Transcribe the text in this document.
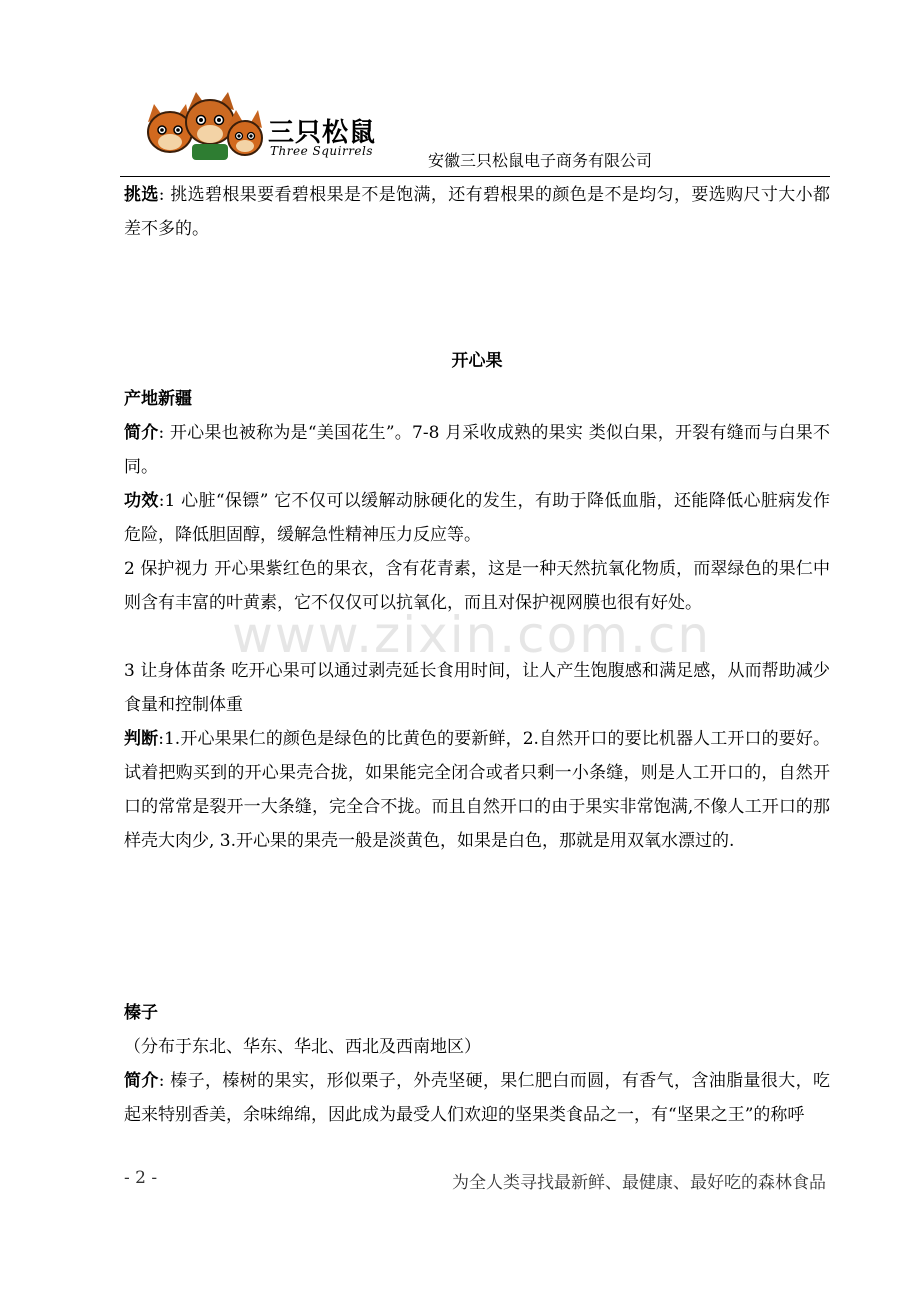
三只松鼠
Three Squirrels	安徽三只松鼠电子商务有限公司
挑选: 挑选碧根果要看碧根果是不是饱满，还有碧根果的颜色是不是均匀，要选购尺寸大小都差不多的。
开心果
产地新疆
简介: 开心果也被称为是“美国花生”。7-8 月采收成熟的果实 类似白果，开裂有缝而与白果不同。
功效:1 心脏“保镖” 它不仅可以缓解动脉硬化的发生，有助于降低血脂，还能降低心脏病发作危险，降低胆固醇，缓解急性精神压力反应等。
2 保护视力 开心果紫红色的果衣，含有花青素，这是一种天然抗氧化物质，而翠绿色的果仁中则含有丰富的叶黄素，它不仅仅可以抗氧化，而且对保护视网膜也很有好处。
3 让身体苗条 吃开心果可以通过剥壳延长食用时间，让人产生饱腹感和满足感，从而帮助减少食量和控制体重
判断:1.开心果果仁的颜色是绿色的比黄色的要新鲜，2.自然开口的要比机器人工开口的要好。试着把购买到的开心果壳合拢，如果能完全闭合或者只剩一小条缝，则是人工开口的，自然开口的常常是裂开一大条缝，完全合不拢。而且自然开口的由于果实非常饱满,不像人工开口的那样壳大肉少, 3.开心果的果壳一般是淡黄色，如果是白色，那就是用双氧水漂过的.
榛子
（分布于东北、华东、华北、西北及西南地区）
简介: 榛子，榛树的果实，形似栗子，外壳坚硬，果仁肥白而圆，有香气，含油脂量很大，吃起来特别香美，余味绵绵，因此成为最受人们欢迎的坚果类食品之一，有“坚果之王”的称呼
www.zixin.com.cn
- 2 -	为全人类寻找最新鲜、最健康、最好吃的森林食品
